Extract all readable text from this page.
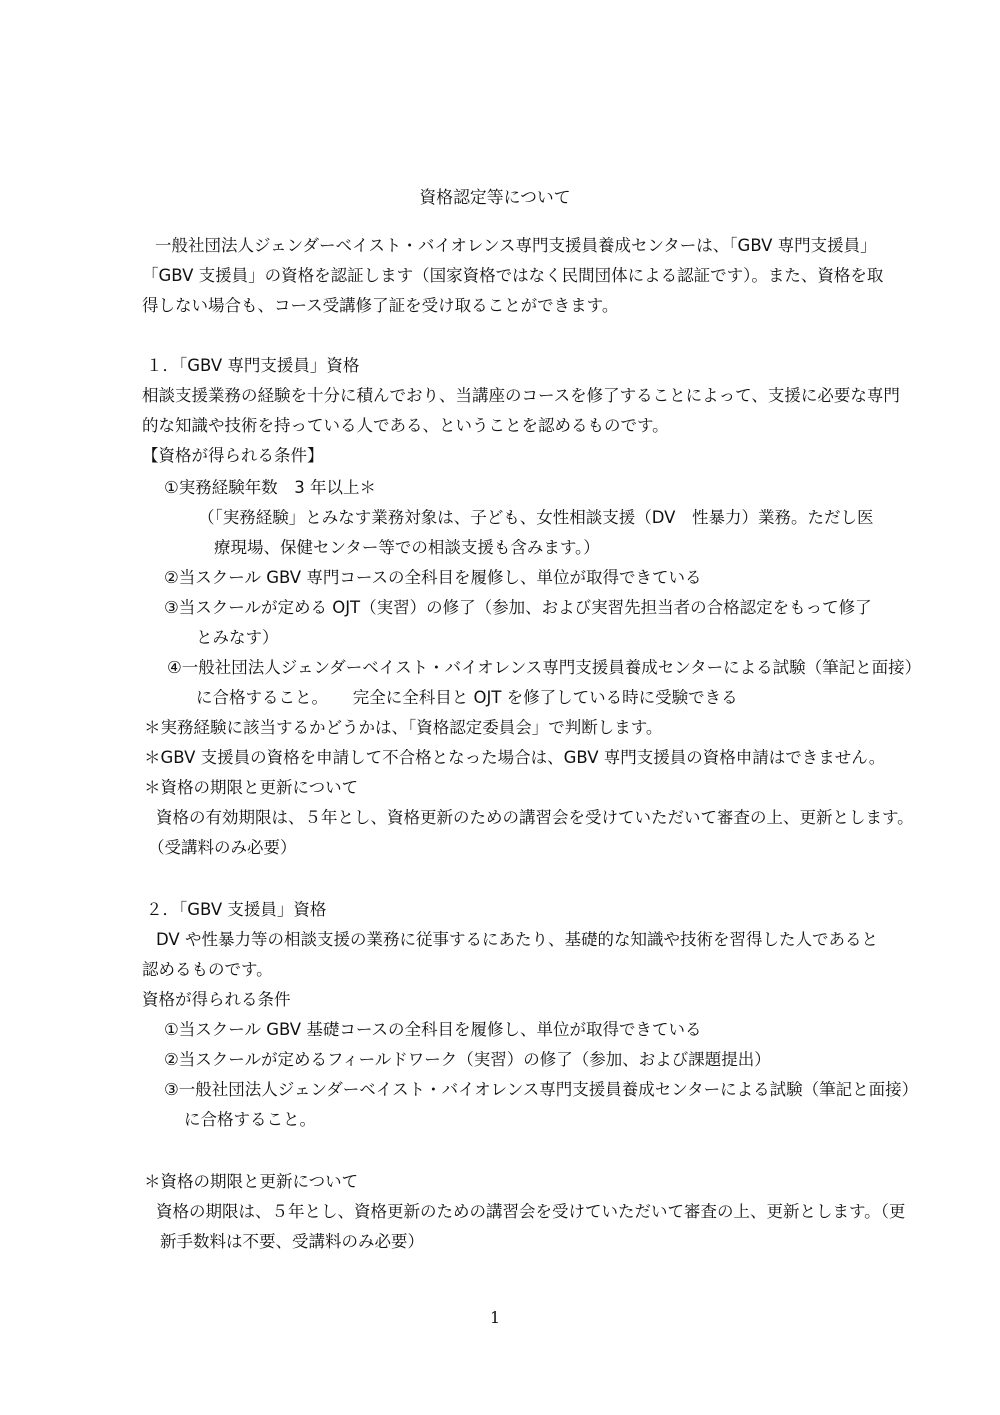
資格認定等について
一般社団法人ジェンダーベイスト・バイオレンス専門支援員養成センターは、「GBV 専門支援員」
「GBV 支援員」の資格を認証します（国家資格ではなく民間団体による認証です）。また、資格を取
得しない場合も、コース受講修了証を受け取ることができます。
１．「GBV 専門支援員」資格
相談支援業務の経験を十分に積んでおり、当講座のコースを修了することによって、支援に必要な専門
的な知識や技術を持っている人である、ということを認めるものです。
【資格が得られる条件】
①実務経験年数　3 年以上＊
（「実務経験」とみなす業務対象は、子ども、女性相談支援（DV　性暴力）業務。ただし医
療現場、保健センター等での相談支援も含みます。）
②当スクール GBV 専門コースの全科目を履修し、単位が取得できている
③当スクールが定める OJT（実習）の修了（参加、および実習先担当者の合格認定をもって修了
とみなす）
④一般社団法人ジェンダーベイスト・バイオレンス専門支援員養成センターによる試験（筆記と面接）
に合格すること。　　完全に全科目と OJT を修了している時に受験できる
＊実務経験に該当するかどうかは、「資格認定委員会」で判断します。
＊GBV 支援員の資格を申請して不合格となった場合は、GBV 専門支援員の資格申請はできません。
＊資格の期限と更新について
資格の有効期限は、５年とし、資格更新のための講習会を受けていただいて審査の上、更新とします。
（受講料のみ必要）
２．「GBV 支援員」資格
DV や性暴力等の相談支援の業務に従事するにあたり、基礎的な知識や技術を習得した人であると
認めるものです。
資格が得られる条件
①当スクール GBV 基礎コースの全科目を履修し、単位が取得できている
②当スクールが定めるフィールドワーク（実習）の修了（参加、および課題提出）
③一般社団法人ジェンダーベイスト・バイオレンス専門支援員養成センターによる試験（筆記と面接）
に合格すること。
＊資格の期限と更新について
資格の期限は、５年とし、資格更新のための講習会を受けていただいて審査の上、更新とします。（更
新手数料は不要、受講料のみ必要）
1
